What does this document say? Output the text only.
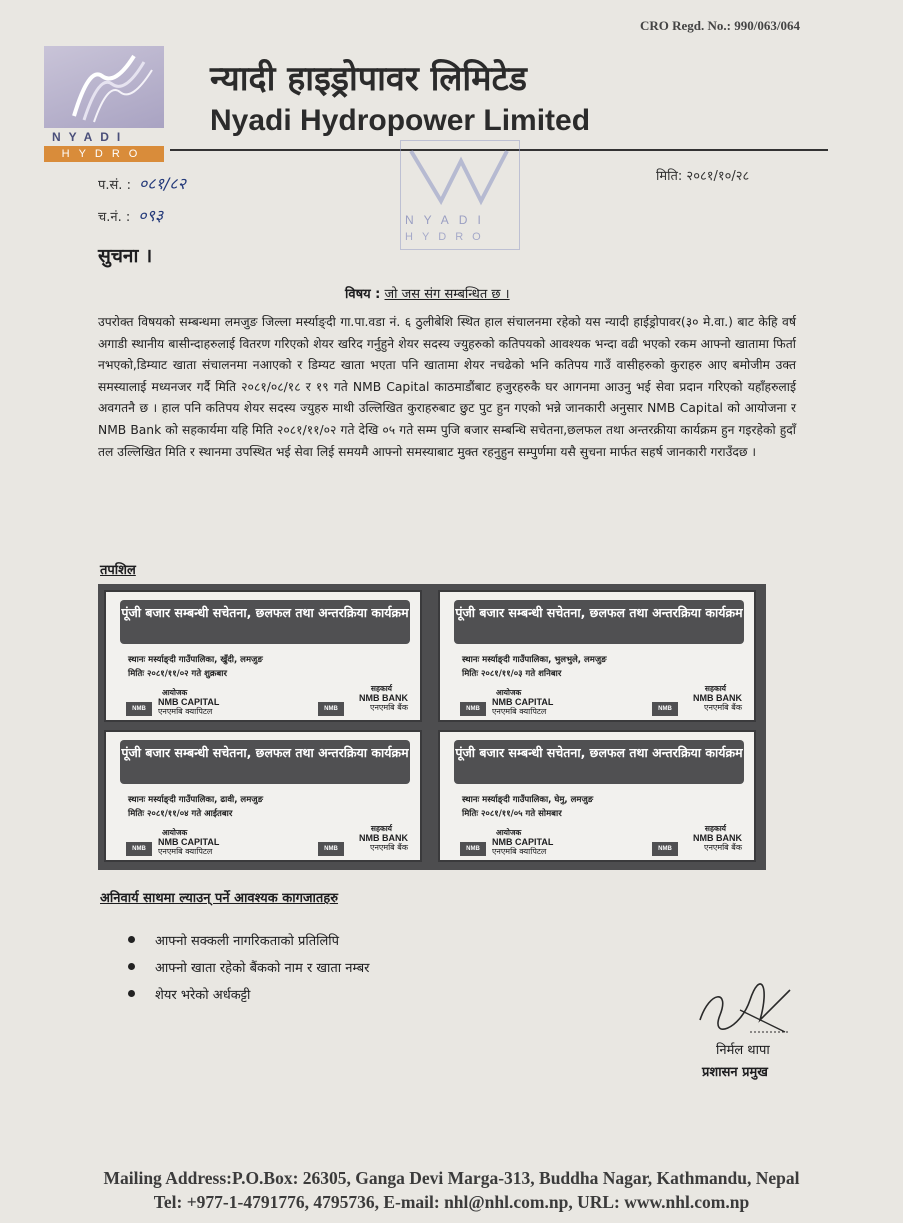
CRO Regd. No.: 990/063/064
NYADI
HYDRO
न्यादी हाइड्रोपावर लिमिटेड
Nyadi Hydropower Limited
NYADI
HYDRO
प.सं. : ०८१/८२
च.नं. : ०९३
मिति: २०८१/१०/२८
सुचना ।
विषय : जो जस संग सम्बन्धित छ ।
उपरोक्त विषयको सम्बन्धमा लमजुङ जिल्ला मर्स्याङ्दी गा.पा.वडा नं. ६ ठुलीबेशि स्थित हाल संचालनमा रहेको यस न्यादी हाईड्रोपावर(३० मे.वा.) बाट केहि वर्ष अगाडी स्थानीय बासीन्दाहरुलाई वितरण गरिएको शेयर खरिद गर्नुहुने शेयर सदस्य ज्युहरुको कतिपयको आवश्यक भन्दा वढी भएको रकम आफ्नो खातामा फिर्ता नभएको,डिम्याट खाता संचालनमा नआएको र डिम्यट खाता भएता पनि खातामा शेयर नचढेको भनि कतिपय गाउँ वासीहरुको कुराहरु आए बमोजीम उक्त समस्यालाई मध्यनजर गर्दै मिति २०८१/०८/१८ र १९ गते NMB Capital काठमाडौंबाट हजुरहरुकै घर आगनमा आउनु भई सेवा प्रदान गरिएको यहाँहरुलाई अवगतनै छ । हाल पनि कतिपय शेयर सदस्य ज्युहरु माथी उल्लिखित कुराहरुबाट छुट पुट हुन गएको भन्ने जानकारी अनुसार NMB Capital को आयोजना र NMB Bank को सहकार्यमा यहि मिति २०८१/११/०२ गते देखि ०५ गते सम्म पुजि बजार सम्बन्धि सचेतना,छलफल तथा अन्तरक्रीया कार्यक्रम हुन गइरहेको हुदाँ तल उल्लिखित मिति र स्थानमा उपस्थित भई सेवा लिई समयमै आफ्नो समस्याबाट मुक्त रहनुहुन सम्पुर्णमा यसै सुचना मार्फत सहर्ष जानकारी गराउँदछ ।
तपशिल
पूंजी बजार सम्बन्धी सचेतना, छलफल तथा अन्तरक्रिया कार्यक्रम
स्थानः मर्स्याङ्दी गाउँपालिका, खुँदी, लमजुङ
मितिः २०८१/११/०२ गते शुक्रबार
आयोजक
NMB
NMB CAPITAL
एनएमबि क्यापिटल
सहकार्य
NMB
NMB BANK
एनएमबि बैंक
पूंजी बजार सम्बन्धी सचेतना, छलफल तथा अन्तरक्रिया कार्यक्रम
स्थानः मर्स्याङ्दी गाउँपालिका, भुलभुले, लमजुङ
मितिः २०८१/११/०३ गते शनिबार
आयोजक
NMB
NMB CAPITAL
एनएमबि क्यापिटल
सहकार्य
NMB
NMB BANK
एनएमबि बैंक
पूंजी बजार सम्बन्धी सचेतना, छलफल तथा अन्तरक्रिया कार्यक्रम
स्थानः मर्स्याङ्दी गाउँपालिका, ढावी, लमजुङ
मितिः २०८१/११/०४ गते आईतबार
आयोजक
NMB
NMB CAPITAL
एनएमबि क्यापिटल
सहकार्य
NMB
NMB BANK
एनएमबि बैंक
पूंजी बजार सम्बन्धी सचेतना, छलफल तथा अन्तरक्रिया कार्यक्रम
स्थानः मर्स्याङ्दी गाउँपालिका, घेमु, लमजुङ
मितिः २०८१/११/०५ गते सोमबार
आयोजक
NMB
NMB CAPITAL
एनएमबि क्यापिटल
सहकार्य
NMB
NMB BANK
एनएमबि बैंक
अनिवार्य साथमा ल्याउन् पर्ने आवश्यक कागजातहरु
आफ्नो सक्कली नागरिकताको प्रतिलिपि
आफ्नो खाता रहेको बैंकको नाम र खाता नम्बर
शेयर भरेको अर्धकट्टी
निर्मल थापा
प्रशासन प्रमुख
Mailing Address:P.O.Box: 26305, Ganga Devi Marga-313, Buddha Nagar, Kathmandu, Nepal
Tel: +977-1-4791776, 4795736, E-mail: nhl@nhl.com.np, URL: www.nhl.com.np
